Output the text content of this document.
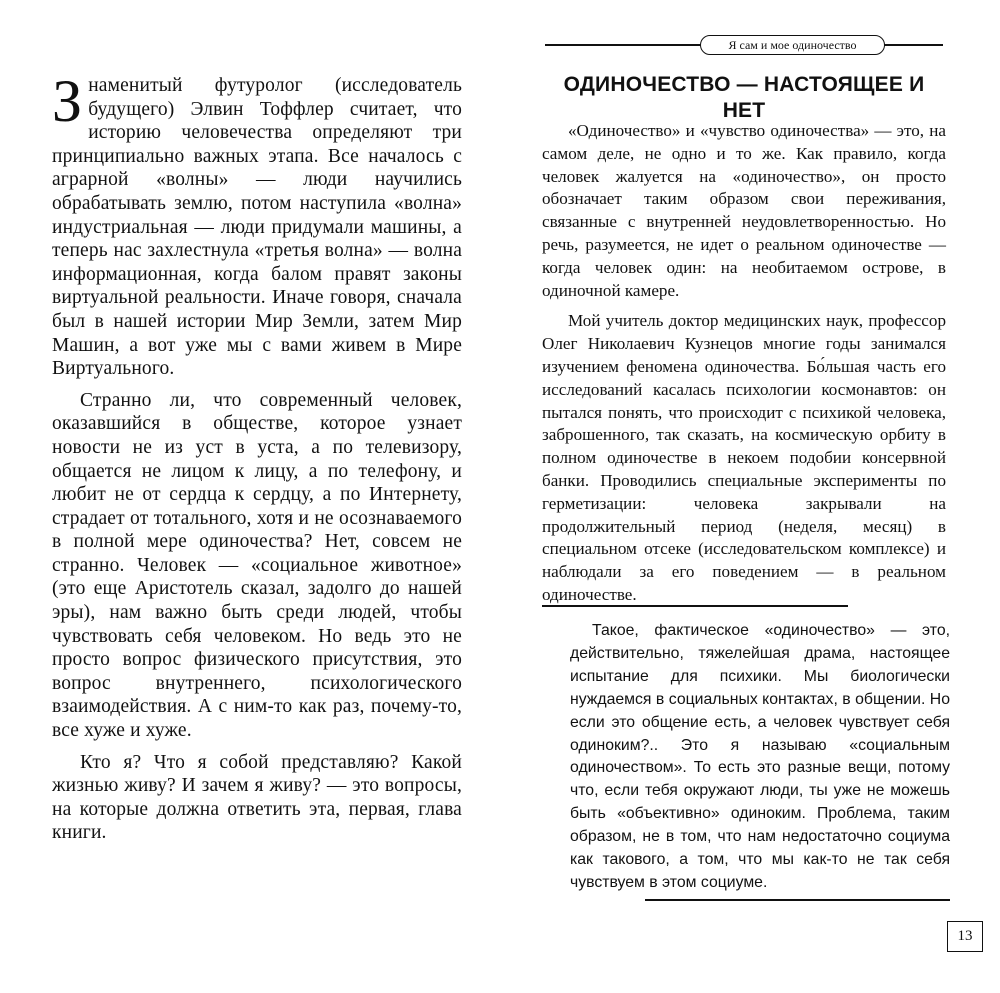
Знаменитый футуролог (исследователь будущего) Элвин Тоффлер считает, что историю человечества определяют три принципиально важных этапа. Все началось с аграрной «волны» — люди научились обрабатывать землю, потом наступила «волна» индустриальная — люди придумали машины, а теперь нас захлестнула «третья волна» — волна информационная, когда балом правят законы виртуальной реальности. Иначе говоря, сначала был в нашей истории Мир Земли, затем Мир Машин, а вот уже мы с вами живем в Мире Виртуального.

Странно ли, что современный человек, оказавшийся в обществе, которое узнает новости не из уст в уста, а по телевизору, общается не лицом к лицу, а по телефону, и любит не от сердца к сердцу, а по Интернету, страдает от тотального, хотя и не осознаваемого в полной мере одиночества? Нет, совсем не странно. Человек — «социальное животное» (это еще Аристотель сказал, задолго до нашей эры), нам важно быть среди людей, чтобы чувствовать себя человеком. Но ведь это не просто вопрос физического присутствия, это вопрос внутреннего, психологического взаимодействия. А с ним-то как раз, почему-то, все хуже и хуже.

Кто я? Что я собой представляю? Какой жизнью живу? И зачем я живу? — это вопросы, на которые должна ответить эта, первая, глава книги.

Я сам и мое одиночество
ОДИНОЧЕСТВО — НАСТОЯЩЕЕ И НЕТ

«Одиночество» и «чувство одиночества» — это, на самом деле, не одно и то же. Как правило, когда человек жалуется на «одиночество», он просто обозначает таким образом свои переживания, связанные с внутренней неудовлетворенностью. Но речь, разумеется, не идет о реальном одиночестве — когда человек один: на необитаемом острове, в одиночной камере.

Мой учитель доктор медицинских наук, профессор Олег Николаевич Кузнецов многие годы занимался изучением феномена одиночества. Бо́льшая часть его исследований касалась психологии космонавтов: он пытался понять, что происходит с психикой человека, заброшенного, так сказать, на космическую орбиту в полном одиночестве в некоем подобии консервной банки. Проводились специальные эксперименты по герметизации: человека закрывали на продолжительный период (неделя, месяц) в специальном отсеке (исследовательском комплексе) и наблюдали за его поведением — в реальном одиночестве.

Такое, фактическое «одиночество» — это, действительно, тяжелейшая драма, настоящее испытание для психики. Мы биологически нуждаемся в социальных контактах, в общении. Но если это общение есть, а человек чувствует себя одиноким?.. Это я называю «социальным одиночеством». То есть это разные вещи, потому что, если тебя окружают люди, ты уже не можешь быть «объективно» одиноким. Проблема, таким образом, не в том, что нам недостаточно социума как такового, а том, что мы как-то не так себя чувствуем в этом социуме.

13
